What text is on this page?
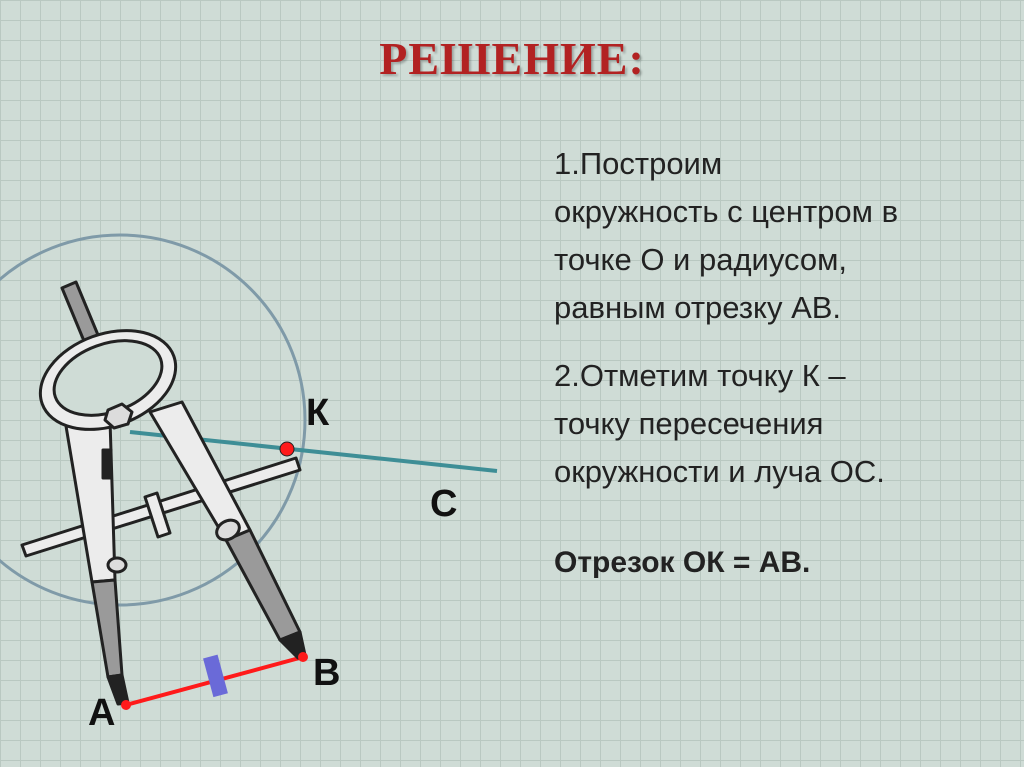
РЕШЕНИЕ:
1.Построим
окружность с центром в
точке О и радиусом,
равным отрезку АВ.
2.Отметим точку К –
точку пересечения
окружности и луча ОС.
Отрезок ОК = АВ.
К
С
А
В
